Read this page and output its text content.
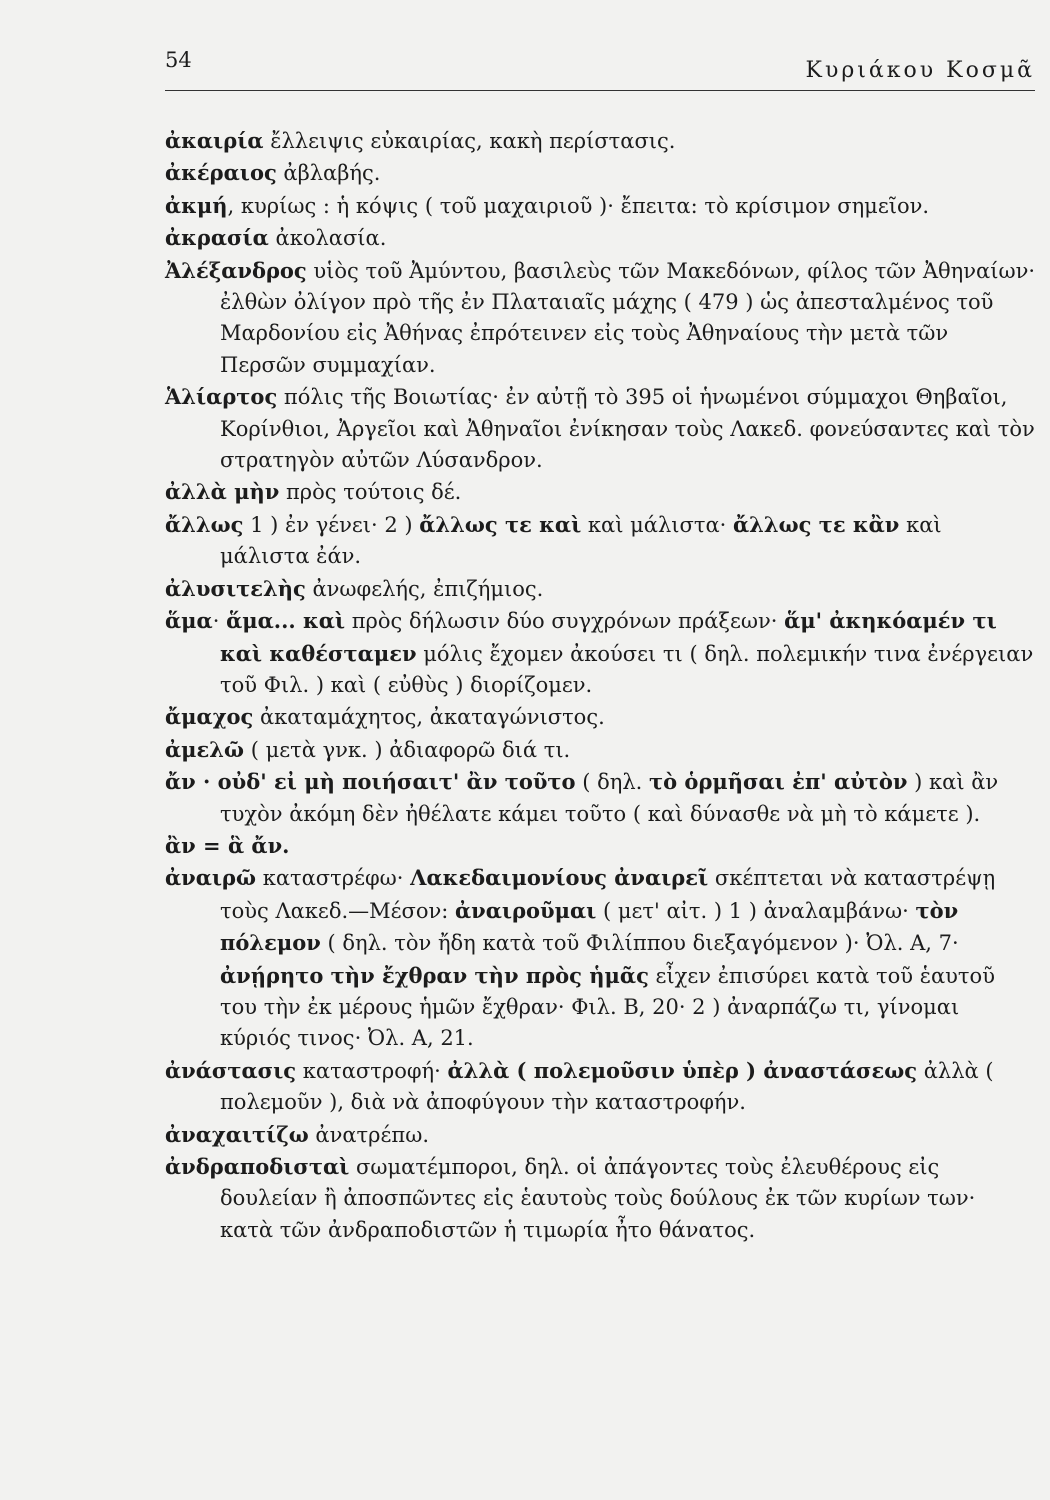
54	Κυριάκου Κοσμᾶ
ἀκαιρία ἔλλειψις εὐκαιρίας, κακὴ περίστασις.
ἀκέραιος ἀβλαβής.
ἀκμή, κυρίως : ἡ κόψις ( τοῦ μαχαιριοῦ )· ἔπειτα: τὸ κρίσιμον σημεῖον.
ἀκρασία ἀκολασία.
Ἀλέξανδρος υἱὸς τοῦ Ἀμύντου, βασιλεὺς τῶν Μακεδόνων, φίλος τῶν Ἀθηναίων· ἐλθὼν ὀλίγον πρὸ τῆς ἐν Πλαταιαῖς μάχης ( 479 ) ὡς ἀπεσταλμένος τοῦ Μαρδονίου εἰς Ἀθήνας ἐπρότεινεν εἰς τοὺς Ἀθηναίους τὴν μετὰ τῶν Περσῶν συμμαχίαν.
Ἁλίαρτος πόλις τῆς Βοιωτίας· ἐν αὐτῇ τὸ 395 οἱ ἡνωμένοι σύμμαχοι Θηβαῖοι, Κορίνθιοι, Ἀργεῖοι καὶ Ἀθηναῖοι ἐνίκησαν τοὺς Λακεδ. φονεύσαντες καὶ τὸν στρατηγὸν αὐτῶν Λύσανδρον.
ἀλλὰ μὴν πρὸς τούτοις δέ.
ἄλλως 1 ) ἐν γένει· 2 ) ἄλλως τε καὶ καὶ μάλιστα· ἄλλως τε κἂν καὶ μάλιστα ἐάν.
ἀλυσιτελὴς ἀνωφελής, ἐπιζήμιος.
ἅμα· ἅμα... καὶ πρὸς δήλωσιν δύο συγχρόνων πράξεων· ἅμ' ἀκηκόαμέν τι καὶ καθέσταμεν μόλις ἔχομεν ἀκούσει τι ( δηλ. πολεμικήν τινα ἐνέργειαν τοῦ Φιλ. ) καὶ ( εὐθὺς ) διορίζομεν.
ἄμαχος ἀκαταμάχητος, ἀκαταγώνιστος.
ἀμελῶ ( μετὰ γνκ. ) ἀδιαφορῶ διά τι.
ἄν · οὐδ' εἰ μὴ ποιήσαιτ' ἂν τοῦτο ( δηλ. τὸ ὁρμῆσαι ἐπ' αὐτὸν ) καὶ ἂν τυχὸν ἀκόμη δὲν ἠθέλατε κάμει τοῦτο ( καὶ δύνασθε νὰ μὴ τὸ κάμετε ).
ἂν = ἃ ἄν.
ἀναιρῶ καταστρέφω· Λακεδαιμονίους ἀναιρεῖ σκέπτεται νὰ καταστρέψῃ τοὺς Λακεδ.—Μέσον: ἀναιροῦμαι ( μετ' αἰτ. ) 1 ) ἀναλαμβάνω· τὸν πόλεμον ( δηλ. τὸν ἤδη κατὰ τοῦ Φιλίππου διεξαγόμενον )· Ὀλ. Α, 7· ἀνῄρητο τὴν ἔχθραν τὴν πρὸς ἡμᾶς εἶχεν ἐπισύρει κατὰ τοῦ ἑαυτοῦ του τὴν ἐκ μέρους ἡμῶν ἔχθραν· Φιλ. Β, 20· 2 ) ἀναρπάζω τι, γίνομαι κύριός τινος· Ὀλ. Α, 21.
ἀνάστασις καταστροφή· ἀλλὰ ( πολεμοῦσιν ὑπὲρ ) ἀναστάσεως ἀλλὰ ( πολεμοῦν ), διὰ νὰ ἀποφύγουν τὴν καταστροφήν.
ἀναχαιτίζω ἀνατρέπω.
ἀνδραποδισταὶ σωματέμποροι, δηλ. οἱ ἀπάγοντες τοὺς ἐλευθέρους εἰς δουλείαν ἢ ἀποσπῶντες εἰς ἑαυτοὺς τοὺς δούλους ἐκ τῶν κυρίων των· κατὰ τῶν ἀνδραποδιστῶν ἡ τιμωρία ἦτο θάνατος.
